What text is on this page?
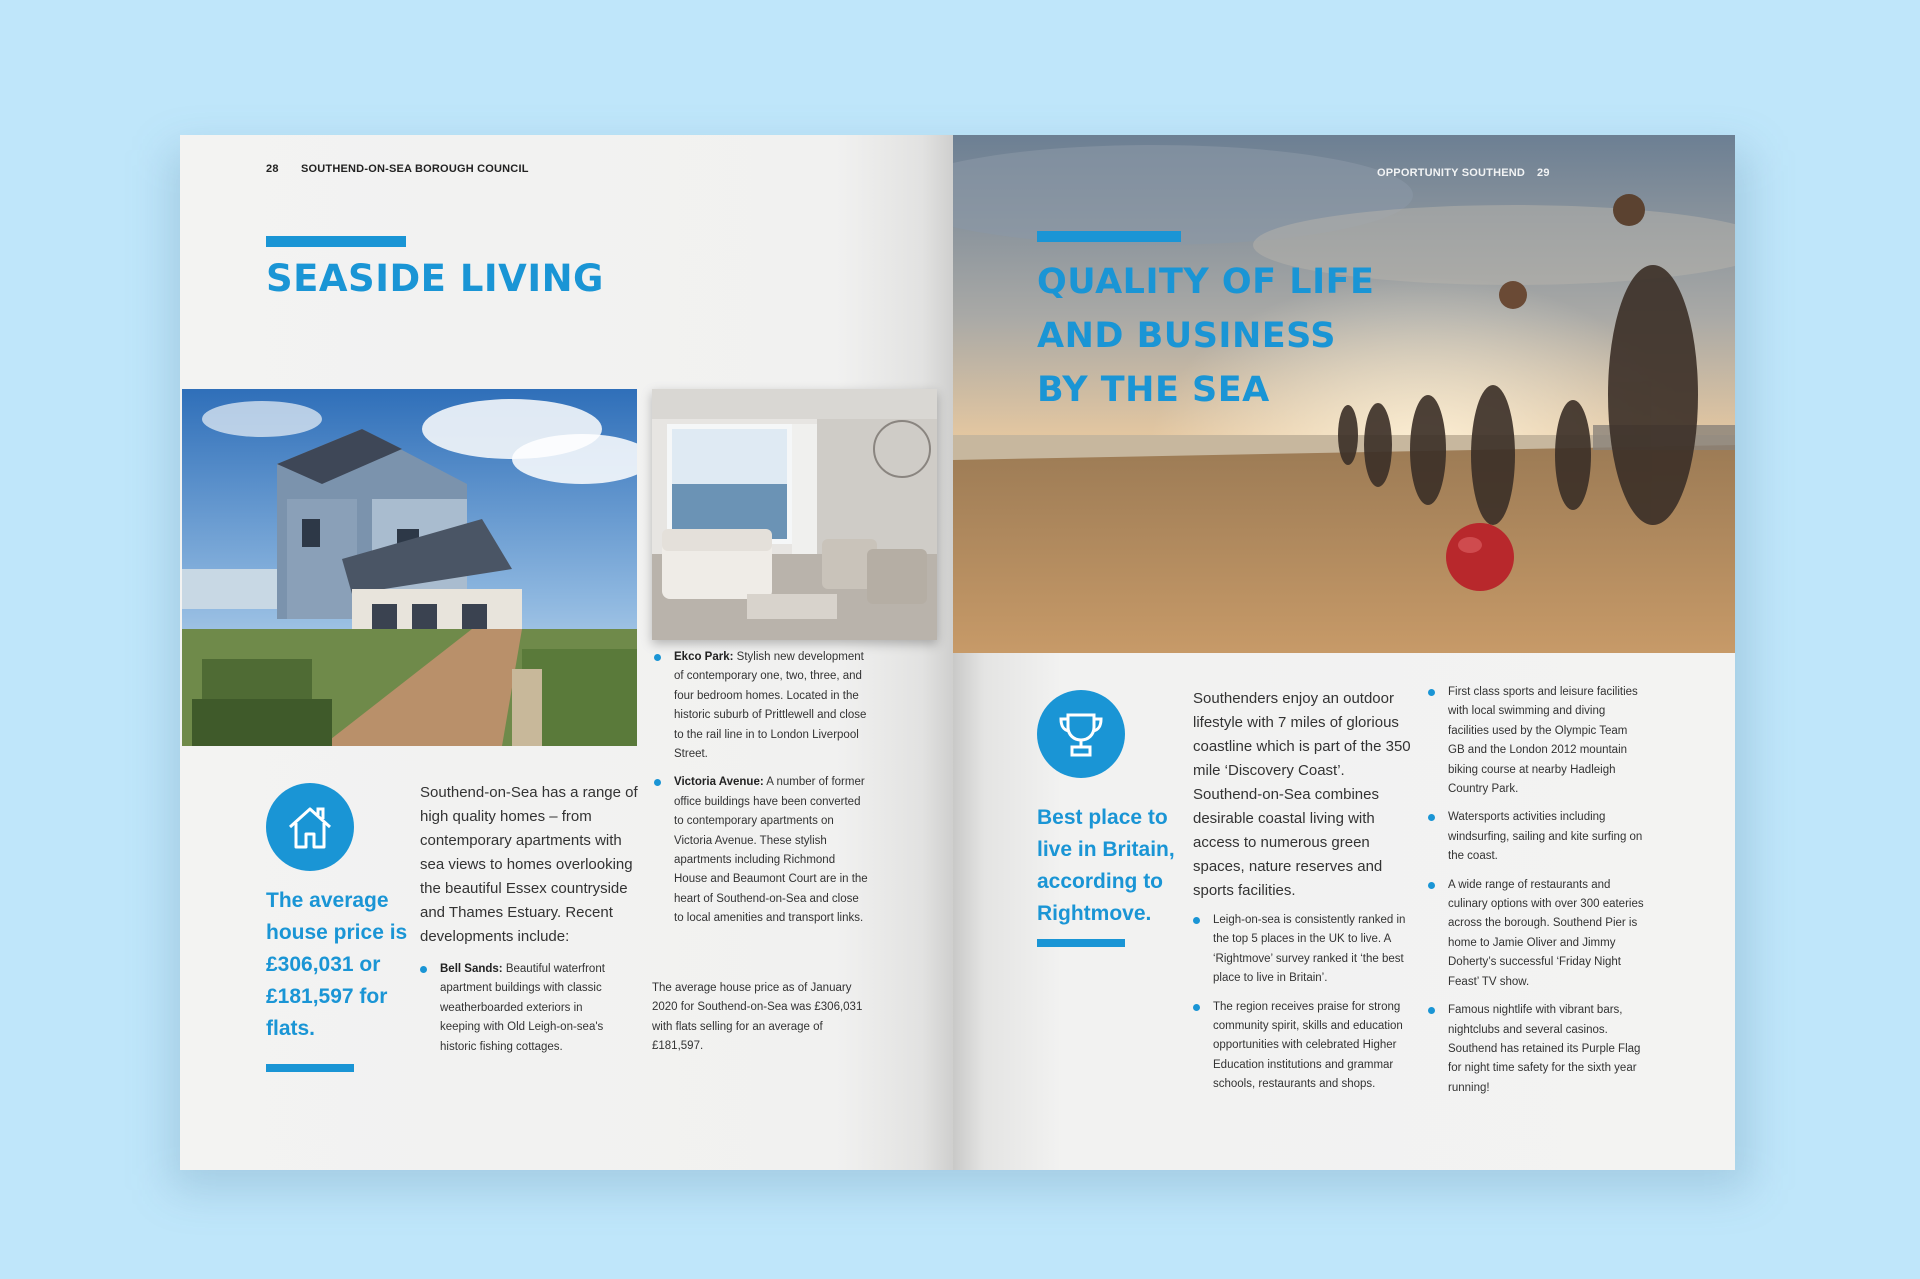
28 SOUTHEND-ON-SEA BOROUGH COUNCIL
SEASIDE LIVING
The average
house price is
£306,031 or
£181,597 for
flats.
Southend-on-Sea has a range of high quality homes – from contemporary apartments with sea views to homes overlooking the beautiful Essex countryside and Thames Estuary. Recent developments include:
Bell Sands: Beautiful waterfront apartment buildings with classic weatherboarded exteriors in keeping with Old Leigh-on-sea's historic fishing cottages.
Ekco Park: Stylish new development of contemporary one, two, three, and four bedroom homes. Located in the historic suburb of Prittlewell and close to the rail line in to London Liverpool Street.
Victoria Avenue: A number of former office buildings have been converted to contemporary apartments on Victoria Avenue. These stylish apartments including Richmond House and Beaumont Court are in the heart of Southend-on-Sea and close to local amenities and transport links.
The average house price as of January 2020 for Southend-on-Sea was £306,031 with flats selling for an average of £181,597.
OPPORTUNITY SOUTHEND 29
QUALITY OF LIFE
AND BUSINESS
BY THE SEA
Best place to
live in Britain,
according to
Rightmove.
Southenders enjoy an outdoor lifestyle with 7 miles of glorious coastline which is part of the 350 mile ‘Discovery Coast’. Southend-on-Sea combines desirable coastal living with access to numerous green spaces, nature reserves and sports facilities.
Leigh-on-sea is consistently ranked in the top 5 places in the UK to live. A ‘Rightmove’ survey ranked it ‘the best place to live in Britain’.
The region receives praise for strong community spirit, skills and education opportunities with celebrated Higher Education institutions and grammar schools, restaurants and shops.
First class sports and leisure facilities with local swimming and diving facilities used by the Olympic Team GB and the London 2012 mountain biking course at nearby Hadleigh Country Park.
Watersports activities including windsurfing, sailing and kite surfing on the coast.
A wide range of restaurants and culinary options with over 300 eateries across the borough. Southend Pier is home to Jamie Oliver and Jimmy Doherty’s successful ‘Friday Night Feast’ TV show.
Famous nightlife with vibrant bars, nightclubs and several casinos. Southend has retained its Purple Flag for night time safety for the sixth year running!
